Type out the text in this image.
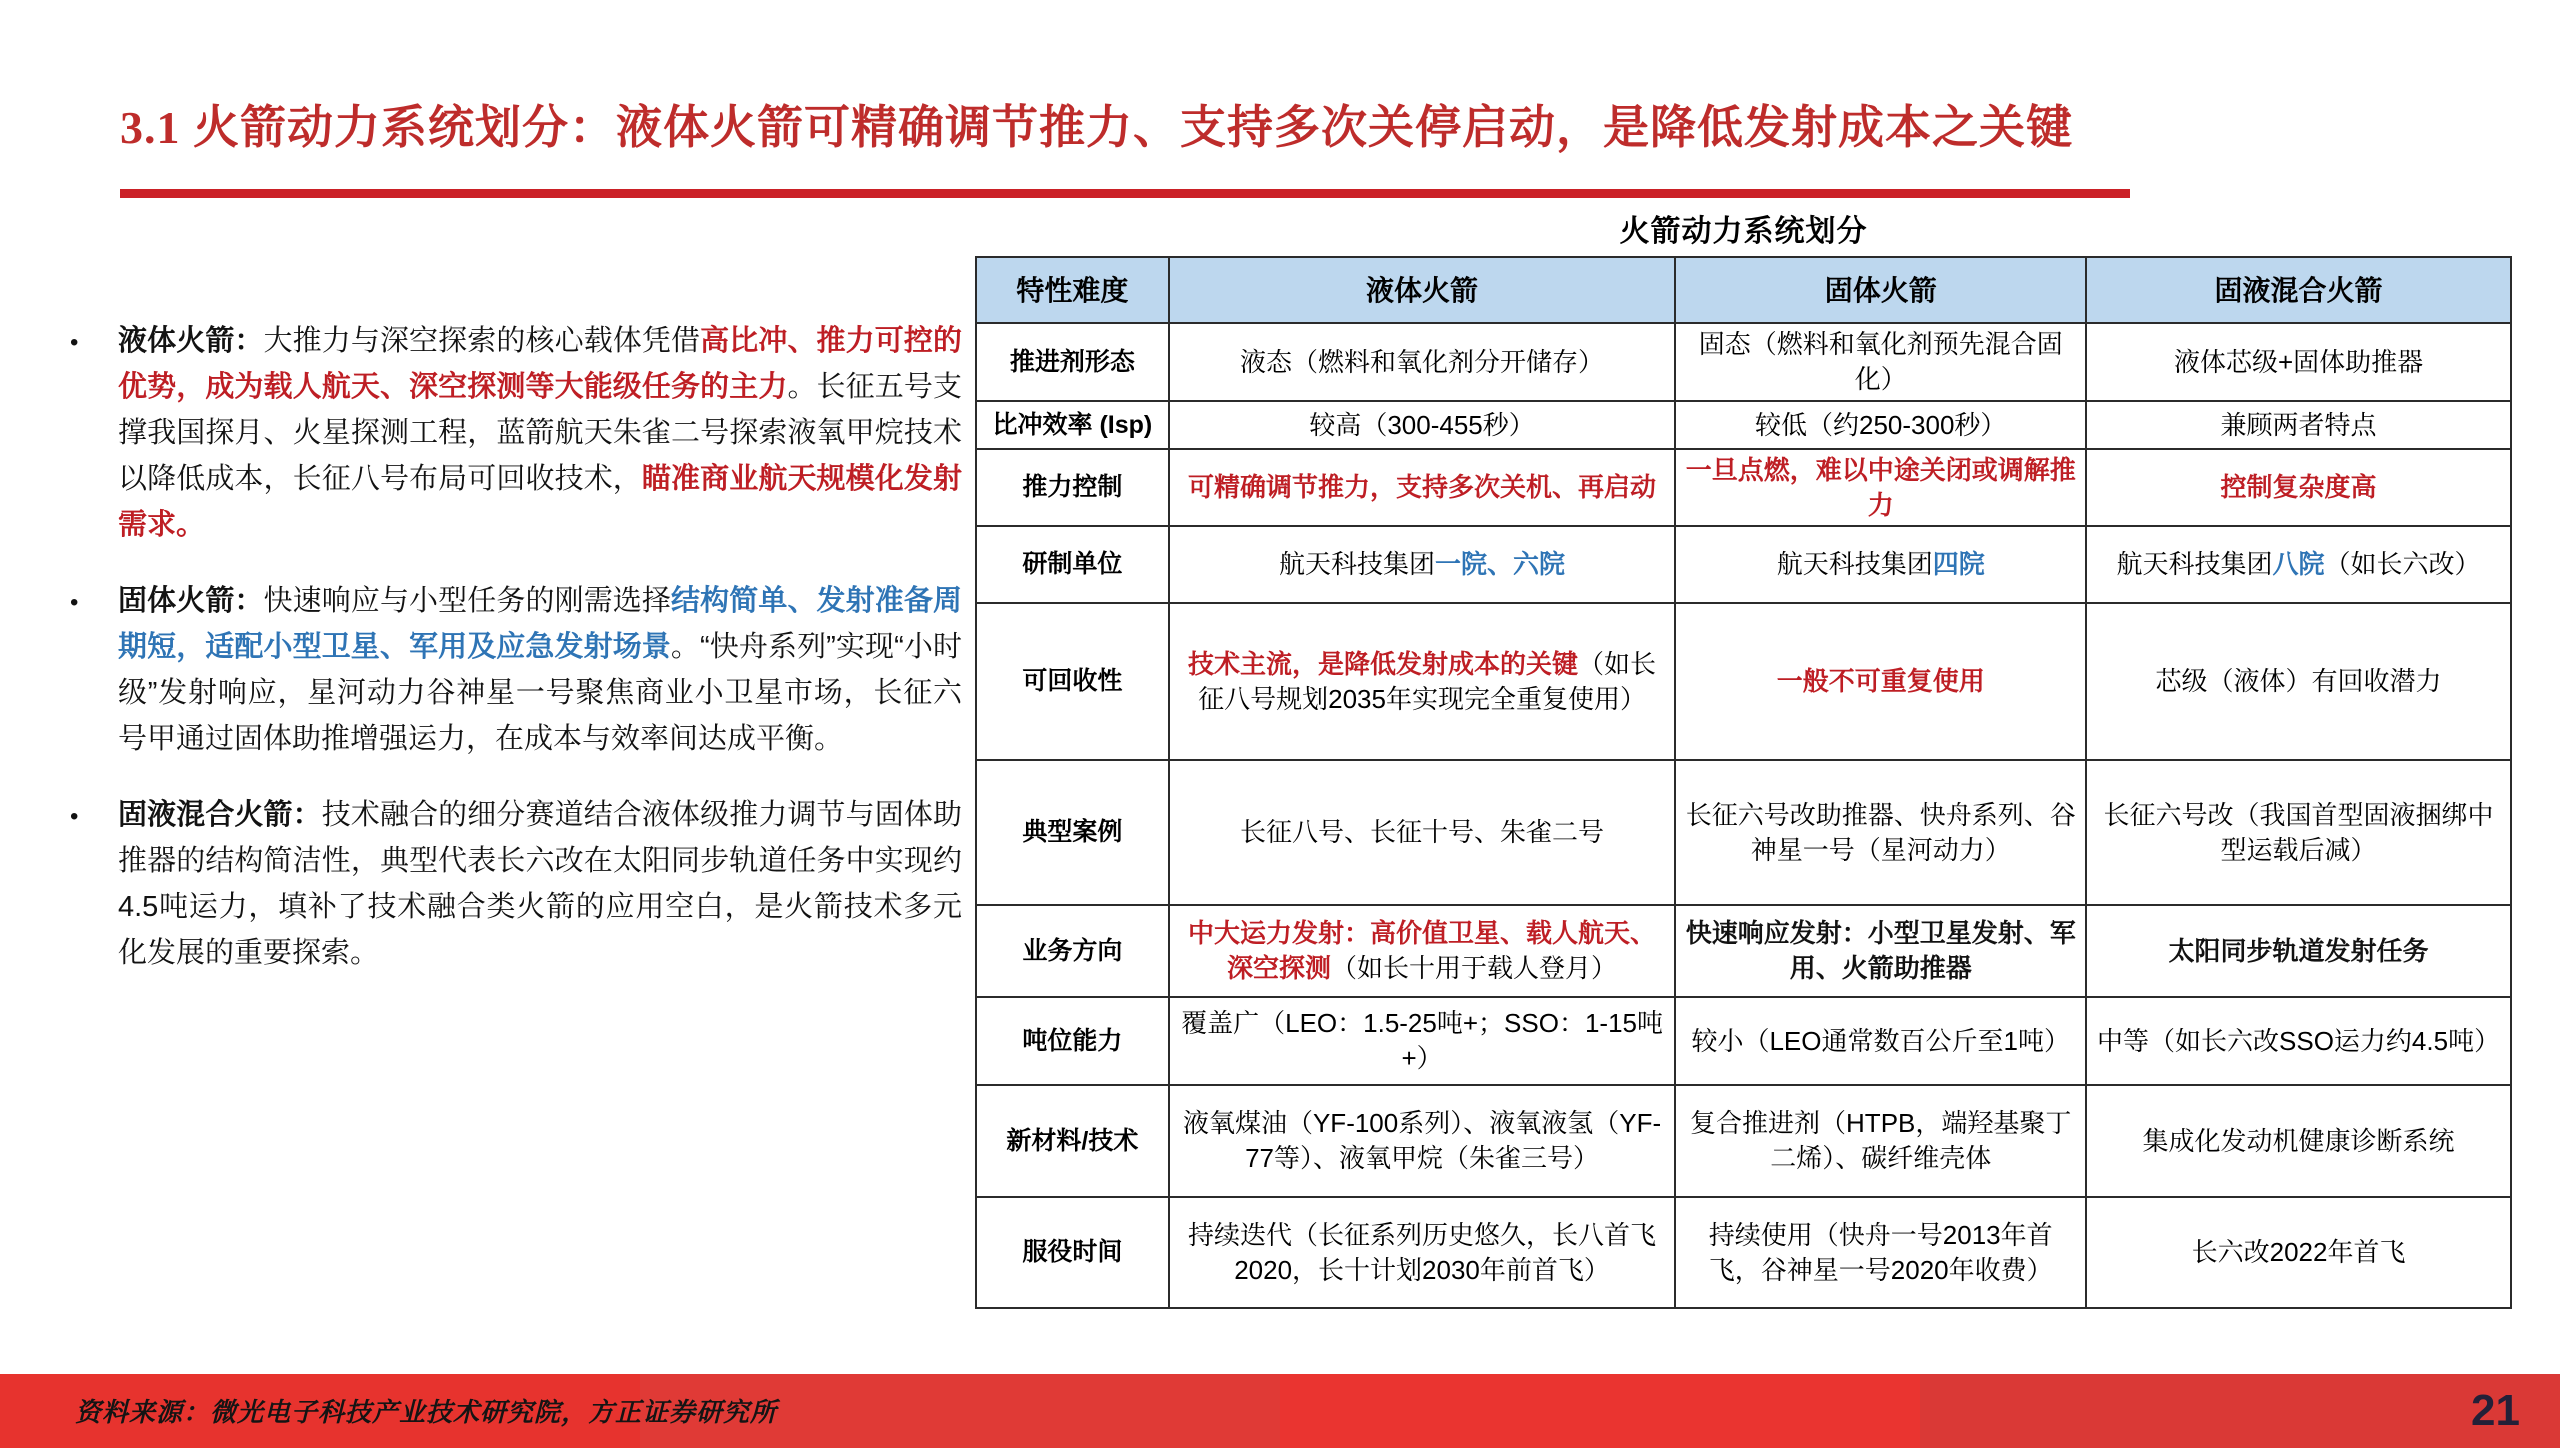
3.1 火箭动力系统划分：液体火箭可精确调节推力、支持多次关停启动，是降低发射成本之关键
•	液体火箭：大推力与深空探索的核心载体凭借高比冲、推力可控的优势，成为载人航天、深空探测等大能级任务的主力。长征五号支撑我国探月、火星探测工程，蓝箭航天朱雀二号探索液氧甲烷技术以降低成本，长征八号布局可回收技术，瞄准商业航天规模化发射需求。
•	固体火箭：快速响应与小型任务的刚需选择结构简单、发射准备周期短，适配小型卫星、军用及应急发射场景。“快舟系列”实现“小时级”发射响应，星河动力谷神星一号聚焦商业小卫星市场，长征六号甲通过固体助推增强运力，在成本与效率间达成平衡。
•	固液混合火箭：技术融合的细分赛道结合液体级推力调节与固体助推器的结构简洁性，典型代表长六改在太阳同步轨道任务中实现约4.5吨运力，填补了技术融合类火箭的应用空白，是火箭技术多元化发展的重要探索。
火箭动力系统划分
特性难度	液体火箭	固体火箭	固液混合火箭
推进剂形态	液态（燃料和氧化剂分开储存）	固态（燃料和氧化剂预先混合固化）	液体芯级+固体助推器
比冲效率 (Isp)	较高（300-455秒）	较低（约250-300秒）	兼顾两者特点
推力控制	可精确调节推力，支持多次关机、再启动	一旦点燃，难以中途关闭或调解推力	控制复杂度高
研制单位	航天科技集团一院、六院	航天科技集团四院	航天科技集团八院（如长六改）
可回收性	技术主流，是降低发射成本的关键（如长征八号规划2035年实现完全重复使用）	一般不可重复使用	芯级（液体）有回收潜力
典型案例	长征八号、长征十号、朱雀二号	长征六号改助推器、快舟系列、谷神星一号（星河动力）	长征六号改（我国首型固液捆绑中型运载后减）
业务方向	中大运力发射：高价值卫星、载人航天、深空探测（如长十用于载人登月）	快速响应发射：小型卫星发射、军用、火箭助推器	太阳同步轨道发射任务
吨位能力	覆盖广（LEO：1.5-25吨+；SSO：1-15吨+）	较小（LEO通常数百公斤至1吨）	中等（如长六改SSO运力约4.5吨）
新材料/技术	液氧煤油（YF-100系列）、液氧液氢（YF-77等）、液氧甲烷（朱雀三号）	复合推进剂（HTPB，端羟基聚丁二烯）、碳纤维壳体	集成化发动机健康诊断系统
服役时间	持续迭代（长征系列历史悠久，长八首飞2020，长十计划2030年前首飞）	持续使用（快舟一号2013年首飞，谷神星一号2020年收费）	长六改2022年首飞
资料来源：微光电子科技产业技术研究院，方正证券研究所	21
